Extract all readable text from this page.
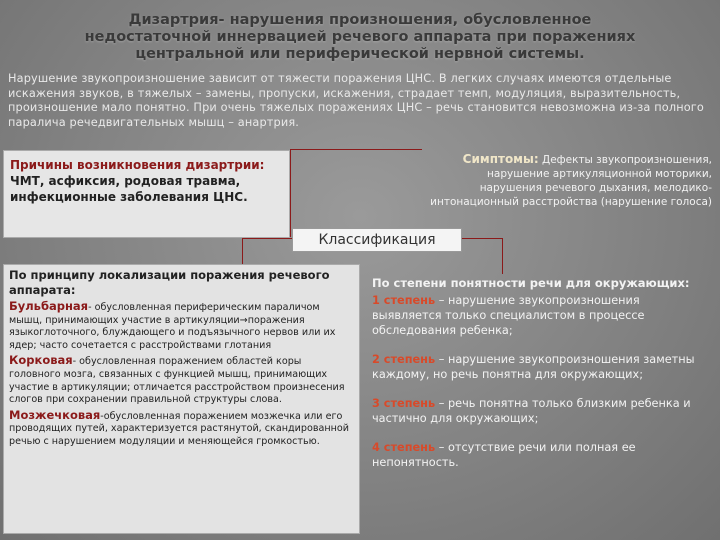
Дизартрия- нарушения произношения, обусловленное недостаточной иннервацией речевого аппарата при поражениях центральной или периферической нервной системы.
Нарушение звукопроизношение зависит от тяжести поражения ЦНС. В легких случаях имеются отдельные искажения звуков, в тяжелых – замены, пропуски, искажения, страдает темп, модуляция, выразительность, произношение мало понятно. При очень тяжелых поражениях ЦНС – речь становится невозможна из-за полного паралича речедвигательных мышц – анартрия.
Причины возникновения дизартрии: ЧМТ, асфиксия, родовая травма, инфекционные заболевания ЦНС.
Симптомы: Дефекты звукопроизношения, нарушение артикуляционной моторики, нарушения речевого дыхания, мелодико-интонационный расстройства (нарушение голоса)
Классификация
По принципу локализации поражения речевого аппарата:
Бульбарная- обусловленная периферическим параличом мышц, принимающих участие в артикуляции→поражения языкоглоточного, блуждающего и подъязычного нервов или их ядер; часто сочетается с расстройствами глотания
Корковая- обусловленная поражением областей коры головного мозга, связанных с функцией мышц, принимающих участие в артикуляции; отличается расстройством произнесения слогов при сохранении правильной структуры слова.
Мозжечковая-обусловленная поражением мозжечка или его проводящих путей, характеризуется растянутой, скандированной речью с нарушением модуляции и меняющейся громкостью.
По степени понятности речи для окружающих:
1 степень – нарушение звукопроизношения выявляется только специалистом в процессе обследования ребенка;
2 степень – нарушение звукопроизношения заметны каждому, но речь понятна для окружающих;
3 степень – речь понятна только близким ребенка и частично для окружающих;
4 степень – отсутствие речи или полная ее непонятность.
